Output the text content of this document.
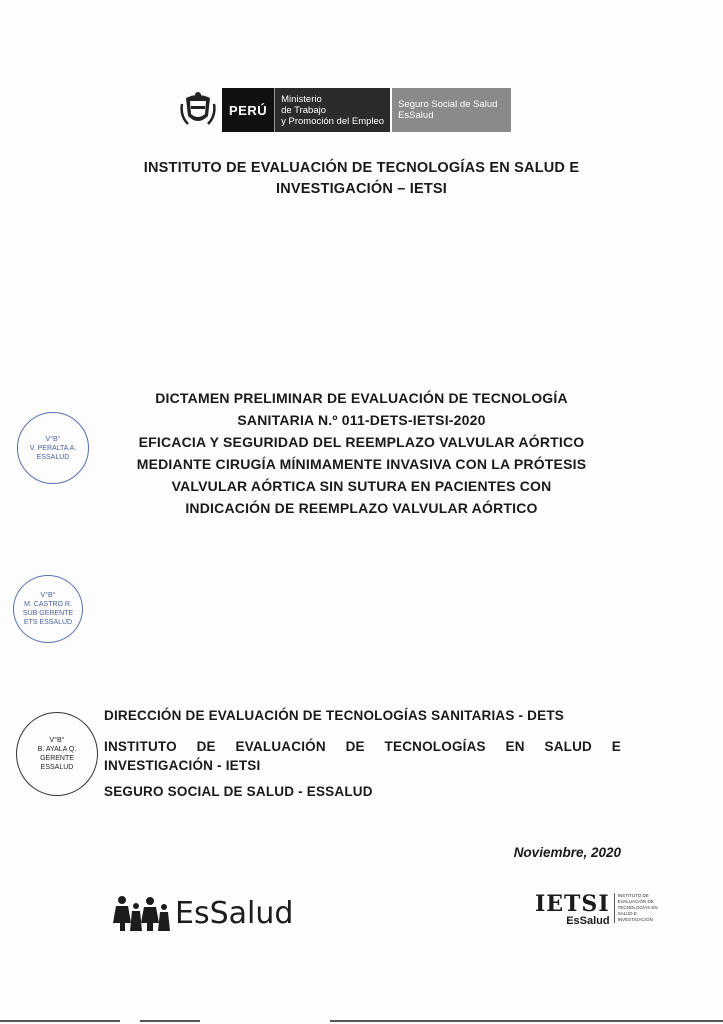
PERÚ
Ministerio
de Trabajo
y Promoción del Empleo
Seguro Social de Salud
EsSalud
INSTITUTO DE EVALUACIÓN DE TECNOLOGÍAS EN SALUD E
INVESTIGACIÓN – IETSI
DICTAMEN PRELIMINAR DE EVALUACIÓN DE TECNOLOGÍA
SANITARIA N.º 011-DETS-IETSI-2020
EFICACIA Y SEGURIDAD DEL REEMPLAZO VALVULAR AÓRTICO
MEDIANTE CIRUGÍA MÍNIMAMENTE INVASIVA CON LA PRÓTESIS
VALVULAR AÓRTICA SIN SUTURA EN PACIENTES CON
INDICACIÓN DE REEMPLAZO VALVULAR AÓRTICO
V°B°
V. PERALTA A.
ESSALUD
V°B°
M. CASTRO R.
SUB GERENTE
ETS ESSALUD
V°B°
B. AYALA Q.
GERENTE
ESSALUD
DIRECCIÓN DE EVALUACIÓN DE TECNOLOGÍAS SANITARIAS - DETS
INSTITUTO DE EVALUACIÓN DE TECNOLOGÍAS EN SALUD E INVESTIGACIÓN - IETSI
SEGURO SOCIAL DE SALUD - ESSALUD
Noviembre, 2020
EsSalud	IETSI
EsSalud
INSTITUTO DE
EVALUACIÓN DE
TECNOLOGÍAS EN
SALUD E
INVESTIGACIÓN
